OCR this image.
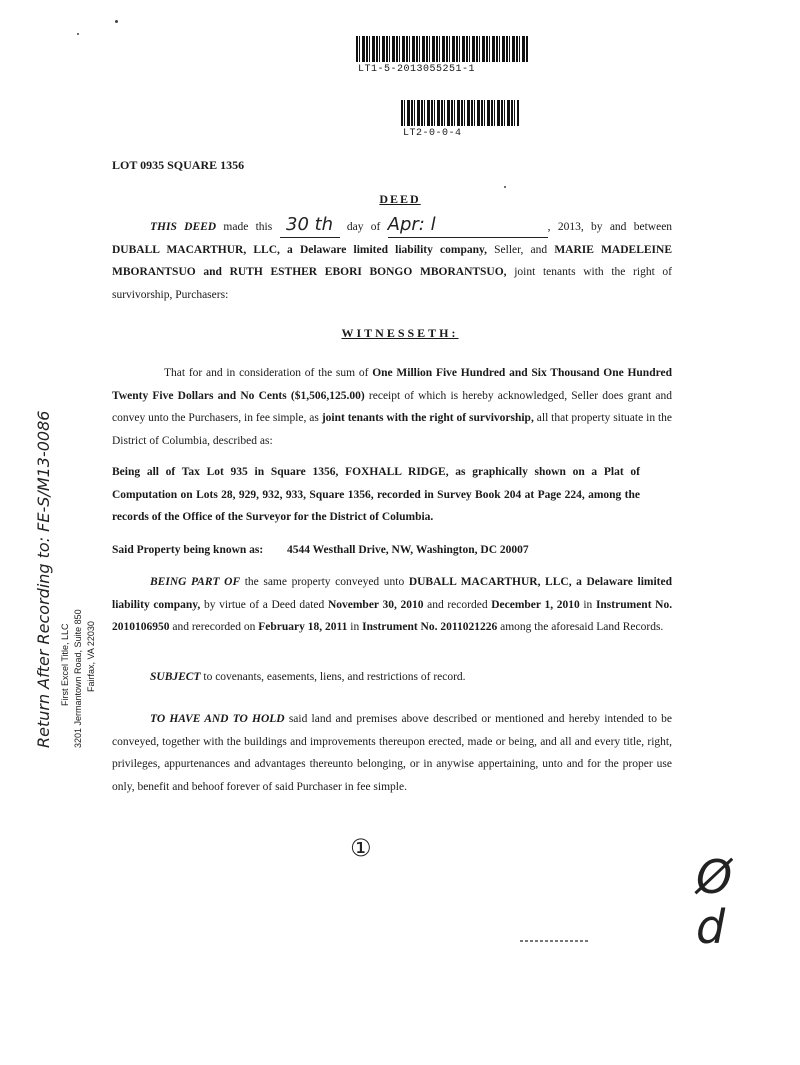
LT1-5-2013055251-1
LT2-0-0-4
LOT 0935 SQUARE 1356
DEED
THIS DEED made this 30 th day of Apr: l	, 2013, by and between DUBALL MACARTHUR, LLC, a Delaware limited liability company, Seller, and MARIE MADELEINE MBORANTSUO and RUTH ESTHER EBORI BONGO MBORANTSUO, joint tenants with the right of survivorship, Purchasers:
WITNESSETH:
That for and in consideration of the sum of One Million Five Hundred and Six Thousand One Hundred Twenty Five Dollars and No Cents ($1,506,125.00) receipt of which is hereby acknowledged, Seller does grant and convey unto the Purchasers, in fee simple, as joint tenants with the right of survivorship, all that property situate in the District of Columbia, described as:
Being all of Tax Lot 935 in Square 1356, FOXHALL RIDGE, as graphically shown on a Plat of Computation on Lots 28, 929, 932, 933, Square 1356, recorded in Survey Book 204 at Page 224, among the records of the Office of the Surveyor for the District of Columbia.
Said Property being known as: 4544 Westhall Drive, NW, Washington, DC 20007
BEING PART OF the same property conveyed unto DUBALL MACARTHUR, LLC, a Delaware limited liability company, by virtue of a Deed dated November 30, 2010 and recorded December 1, 2010 in Instrument No. 2010106950 and rerecorded on February 18, 2011 in Instrument No. 2011021226 among the aforesaid Land Records.
SUBJECT to covenants, easements, liens, and restrictions of record.
TO HAVE AND TO HOLD said land and premises above described or mentioned and hereby intended to be conveyed, together with the buildings and improvements thereupon erected, made or being, and all and every title, right, privileges, appurtenances and advantages thereunto belonging, or in anywise appertaining, unto and for the proper use only, benefit and behoof forever of said Purchaser in fee simple.
①
Ø d
Return After Recording to: FE-S/M13-0086 First Excel Title, LLC 3201 Jermantown Road, Suite 850 Fairfax, VA 22030
